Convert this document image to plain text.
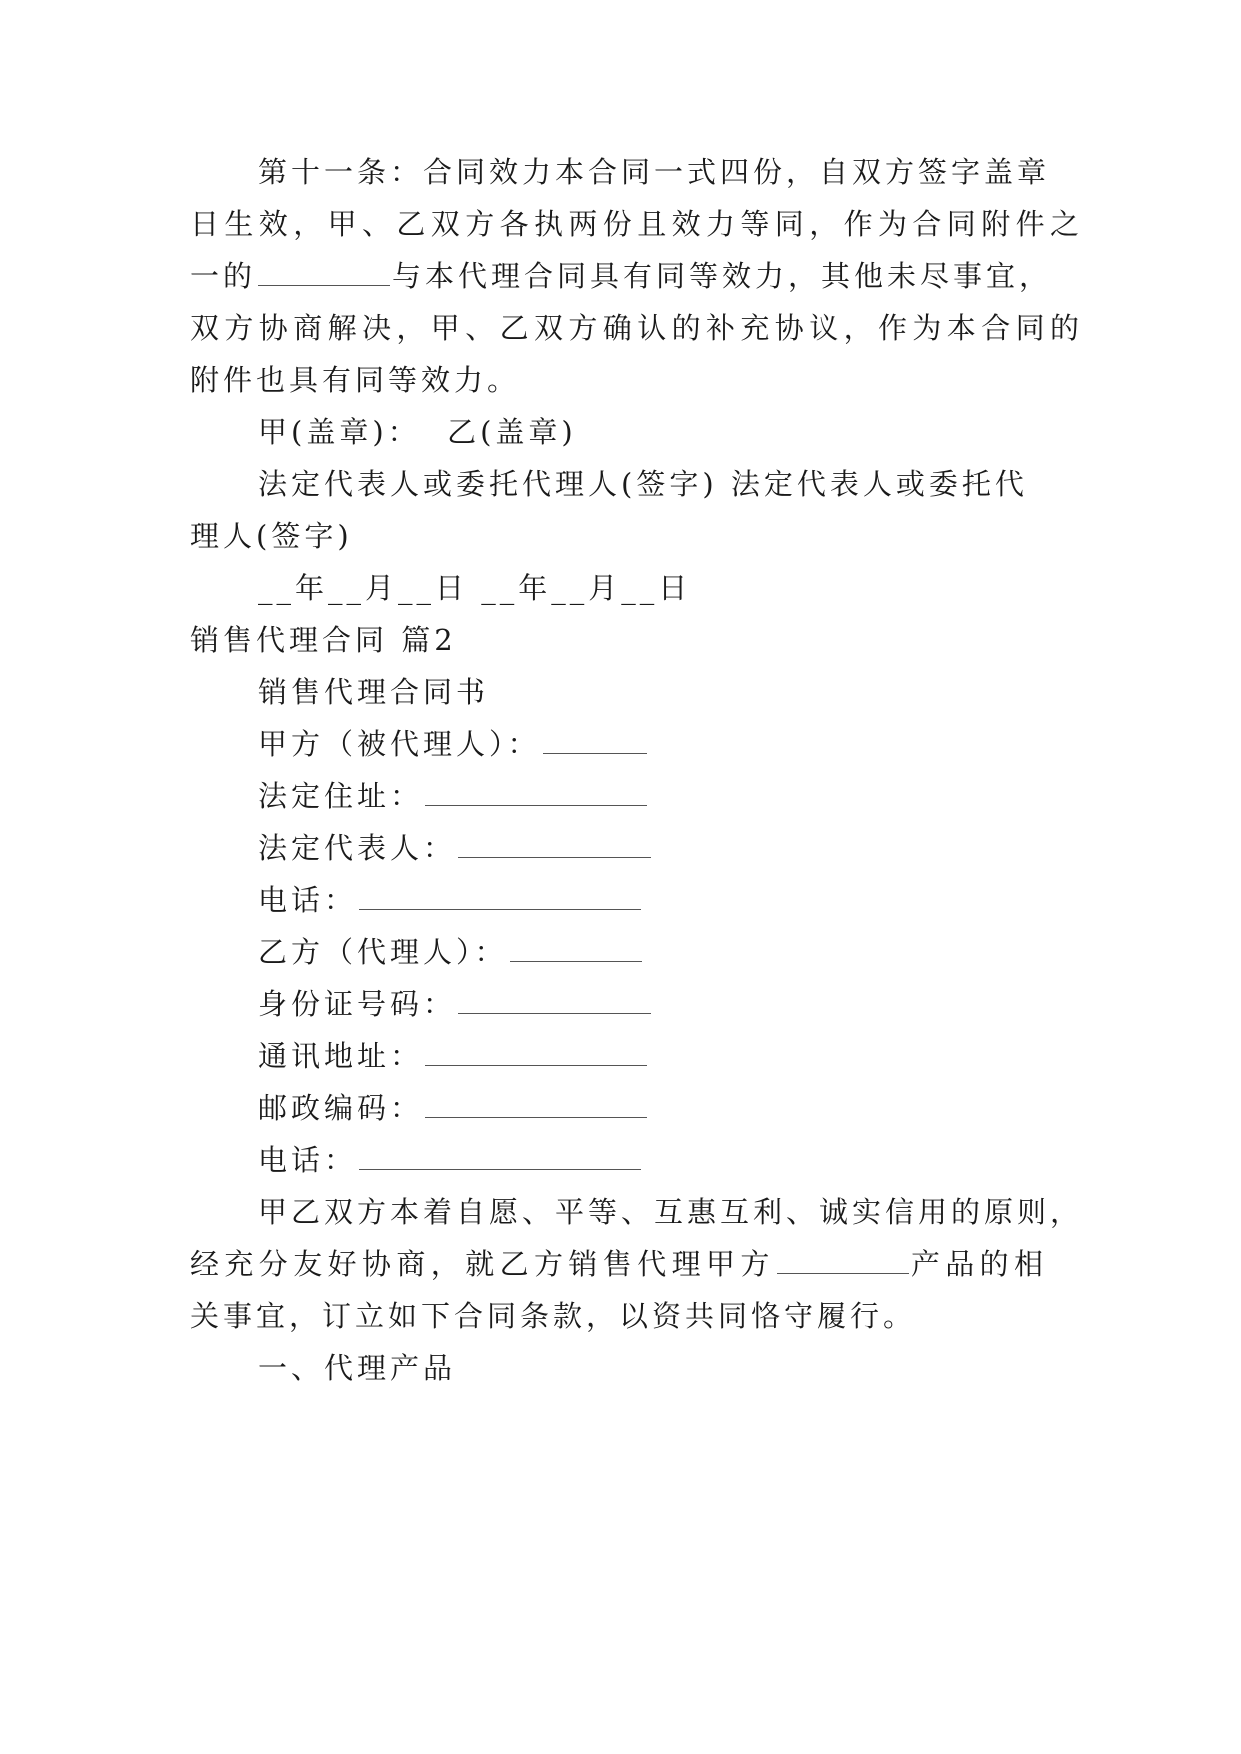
第十一条：合同效力本合同一式四份，自双方签字盖章
日生效，甲、乙双方各执两份且效力等同，作为合同附件之
一的	与本代理合同具有同等效力，其他未尽事宜，
双方协商解决，甲、乙双方确认的补充协议，作为本合同的
附件也具有同等效力。
甲(盖章)：  乙(盖章)
法定代表人或委托代理人(签字) 法定代表人或委托代
理人(签字)
__年__月__日 __年__月__日
销售代理合同 篇2
销售代理合同书
甲方（被代理人）：
法定住址：
法定代表人：
电话：
乙方（代理人）：
身份证号码：
通讯地址：
邮政编码：
电话：
甲乙双方本着自愿、平等、互惠互利、诚实信用的原则，
经充分友好协商，就乙方销售代理甲方	产品的相
关事宜，订立如下合同条款，以资共同恪守履行。
一、代理产品
